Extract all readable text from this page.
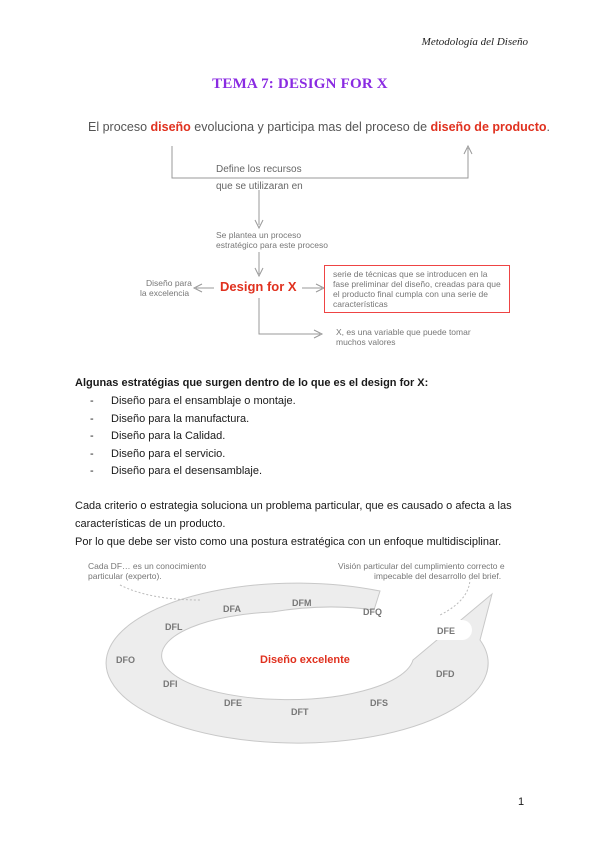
Metodología del Diseño
TEMA 7: DESIGN FOR X
El proceso diseño evoluciona y participa mas del proceso de diseño de producto.
Define los recursos
que se utilizaran en
Se plantea un proceso
estratégico para este proceso
Diseño para
la excelencia Design for X
serie de técnicas que se introducen en la
fase preliminar del diseño, creadas para que
el producto final cumpla con una serie de
características
X, es una variable que puede tomar
muchos valores
Algunas estratégias que surgen dentro de lo que es el design for X:
- Diseño para el ensamblaje o montaje.
- Diseño para la manufactura.
- Diseño para la Calidad.
- Diseño para el servicio.
- Diseño para el desensamblaje.
Cada criterio o estrategia soluciona un problema particular, que es causado o afecta a las
características de un producto.
Por lo que debe ser visto como una postura estratégica con un enfoque multidisciplinar.
Cada DF… es un conocimiento
particular (experto).
Visión particular del cumplimiento correcto e
impecable del desarrollo del brief.
DFA
DFM
DFQ
DFL	DFE
DFO	Diseño excelente
DFD
DFI
DFE	DFS
DFT
1
